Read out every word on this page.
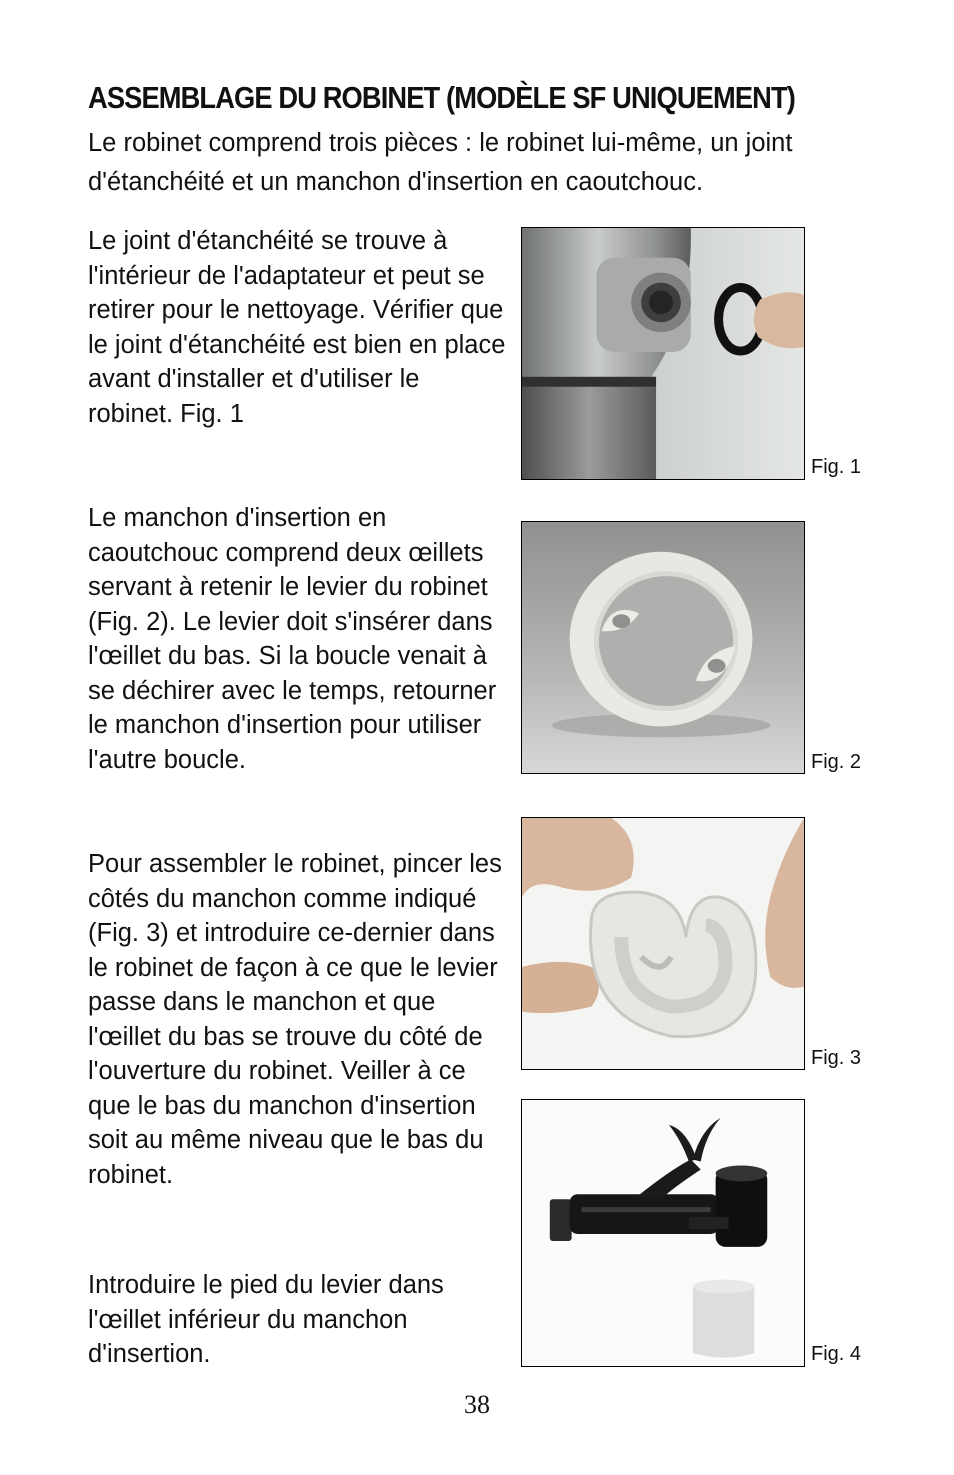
ASSEMBLAGE DU ROBINET (MODÈLE SF UNIQUEMENT)

Le robinet comprend trois pièces : le robinet lui-même, un joint d'étanchéité et un manchon d'insertion en caoutchouc.

Le joint d'étanchéité se trouve à l'intérieur de l'adaptateur et peut se retirer pour le nettoyage. Vérifier que le joint d'étanchéité est bien en place avant d'installer et d'utiliser le robinet. Fig. 1

Le manchon d'insertion en caoutchouc comprend deux œillets servant à retenir le levier du robinet (Fig. 2). Le levier doit s'insérer dans l'œillet du bas. Si la boucle venait à se déchirer avec le temps, retourner le manchon d'insertion pour utiliser l'autre boucle.

Pour assembler le robinet, pincer les côtés du manchon comme indiqué (Fig. 3) et introduire ce-dernier dans le robinet de façon à ce que le levier passe dans le manchon et que l'œillet du bas se trouve du côté de l'ouverture du robinet. Veiller à ce que le bas du manchon d'insertion soit au même niveau que le bas du robinet.

Introduire le pied du levier dans l'œillet inférieur du manchon d'insertion.

Fig. 1
Fig. 2
Fig. 3
Fig. 4
38
